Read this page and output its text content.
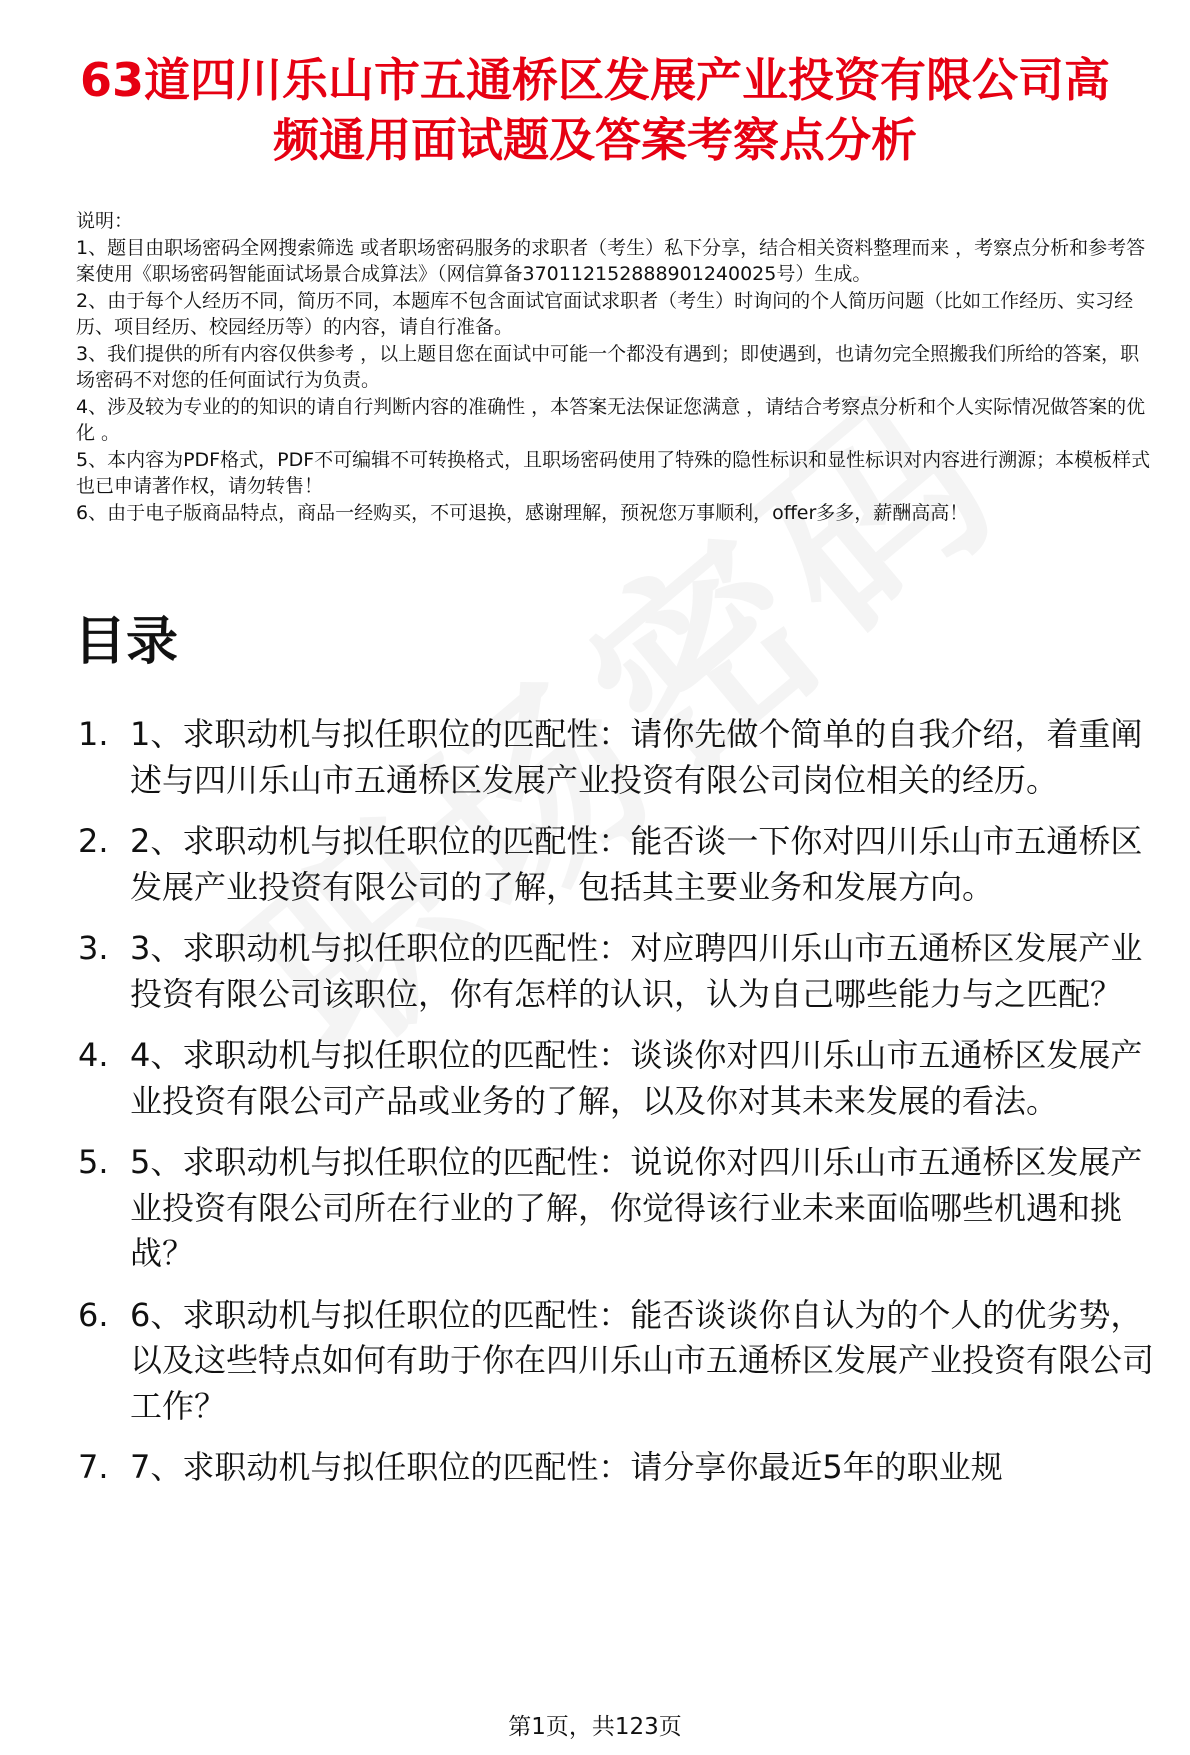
63道四川乐山市五通桥区发展产业投资有限公司高频通用面试题及答案考察点分析

说明：

1、题目由职场密码全网搜索筛选 或者职场密码服务的求职者（考生）私下分享，结合相关资料整理而来 ，考察点分析和参考答案使用《职场密码智能面试场景合成算法》（网信算备370112152888901240025号）生成。

2、由于每个人经历不同，简历不同，本题库不包含面试官面试求职者（考生）时询问的个人简历问题（比如工作经历、实习经历、项目经历、校园经历等）的内容，请自行准备。

3、我们提供的所有内容仅供参考 ，以上题目您在面试中可能一个都没有遇到；即使遇到，也请勿完全照搬我们所给的答案，职场密码不对您的任何面试行为负责。

4、涉及较为专业的的知识的请自行判断内容的准确性 ，本答案无法保证您满意 ，请结合考察点分析和个人实际情况做答案的优化 。

5、本内容为PDF格式，PDF不可编辑不可转换格式，且职场密码使用了特殊的隐性标识和显性标识对内容进行溯源；本模板样式也已申请著作权，请勿转售！

6、由于电子版商品特点，商品一经购买，不可退换，感谢理解，预祝您万事顺利，offer多多，薪酬高高！

目录
1. 1、求职动机与拟任职位的匹配性：请你先做个简单的自我介绍，着重阐述与四川乐山市五通桥区发展产业投资有限公司岗位相关的经历。
2. 2、求职动机与拟任职位的匹配性：能否谈一下你对四川乐山市五通桥区发展产业投资有限公司的了解，包括其主要业务和发展方向。
3. 3、求职动机与拟任职位的匹配性：对应聘四川乐山市五通桥区发展产业投资有限公司该职位，你有怎样的认识，认为自己哪些能力与之匹配？
4. 4、求职动机与拟任职位的匹配性：谈谈你对四川乐山市五通桥区发展产业投资有限公司产品或业务的了解，以及你对其未来发展的看法。
5. 5、求职动机与拟任职位的匹配性：说说你对四川乐山市五通桥区发展产业投资有限公司所在行业的了解，你觉得该行业未来面临哪些机遇和挑战？
6. 6、求职动机与拟任职位的匹配性：能否谈谈你自认为的个人的优劣势，以及这些特点如何有助于你在四川乐山市五通桥区发展产业投资有限公司工作？
7. 7、求职动机与拟任职位的匹配性：请分享你最近5年的职业规
第1页，共123页
